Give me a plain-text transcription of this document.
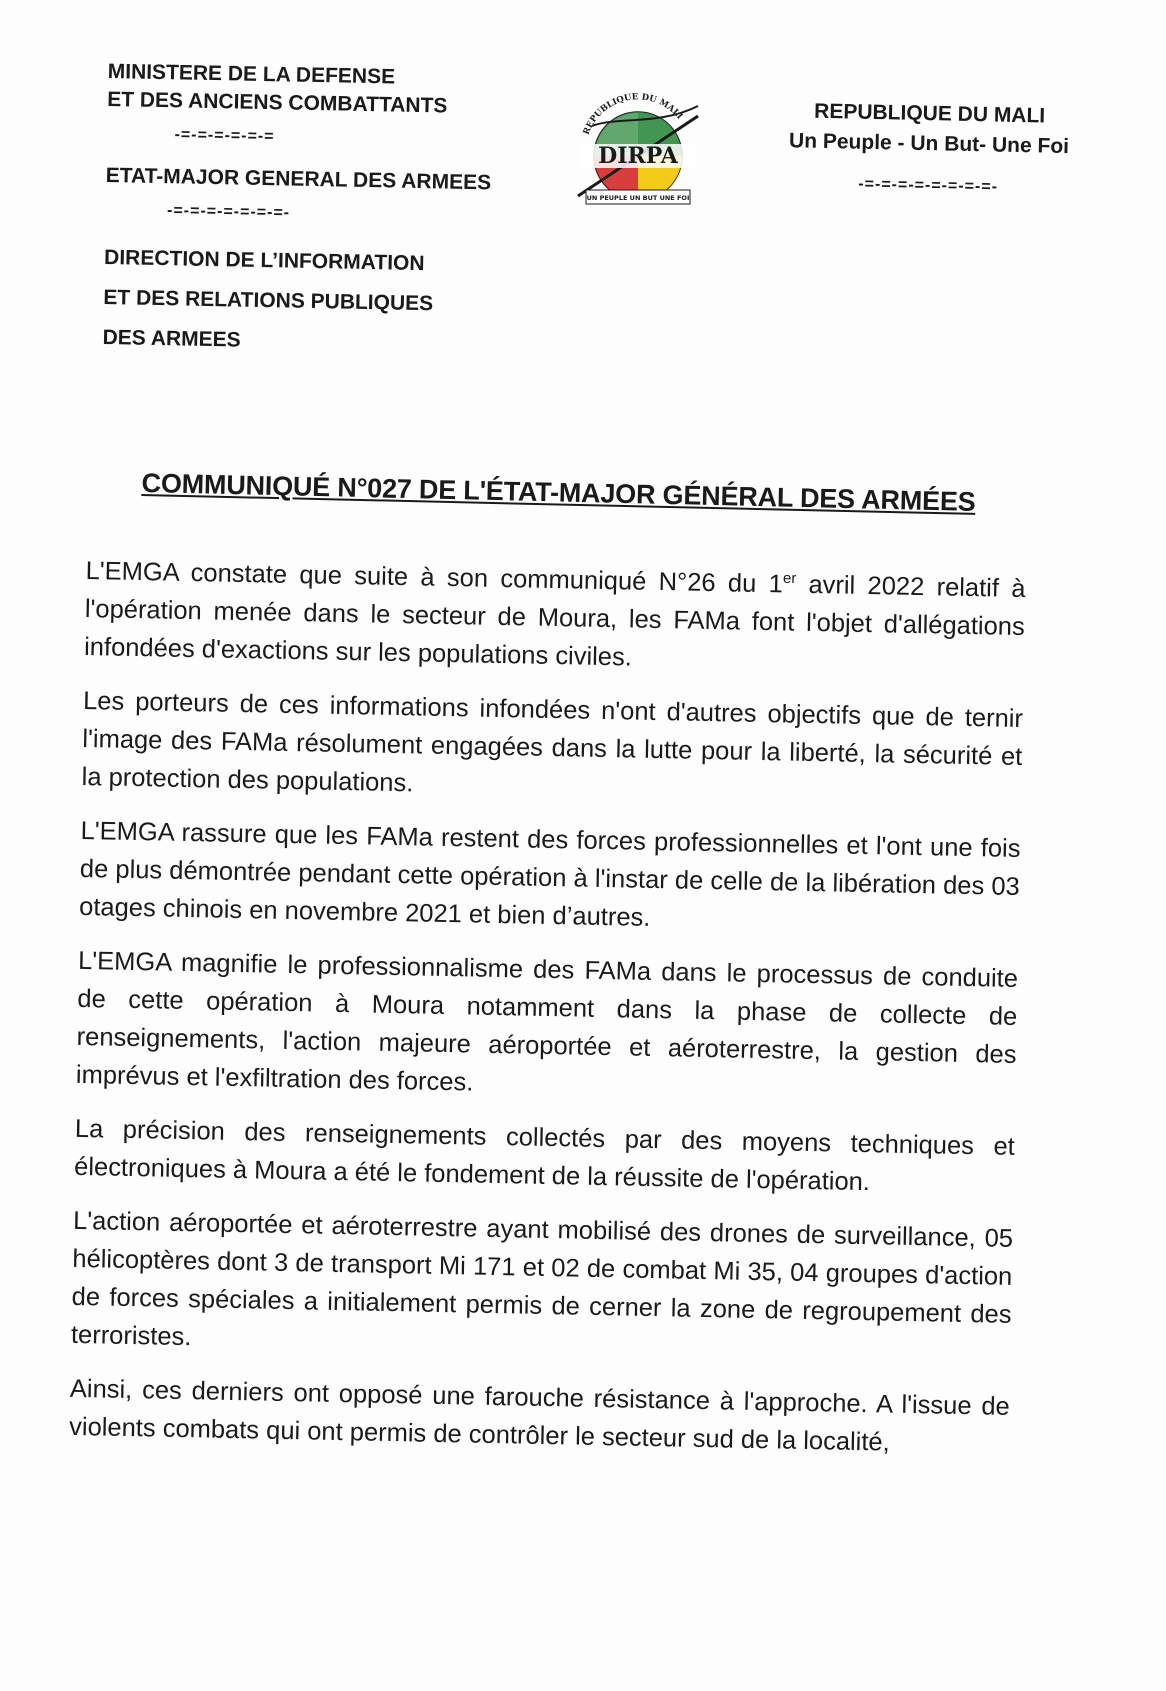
MINISTERE DE LA DEFENSE
ET DES ANCIENS COMBATTANTS
-=-=-=-=-=-=
ETAT-MAJOR GENERAL DES ARMEES
-=-=-=-=-=-=-=-
DIRECTION DE L’INFORMATION
ET DES RELATIONS PUBLIQUES
DES ARMEES
REPUBLIQUE DU MALI
DIRPA
UN PEUPLE UN BUT UNE FOI
REPUBLIQUE DU MALI
Un Peuple - Un But- Une Foi
-=-=-=-=-=-=-=-=-
COMMUNIQUÉ N°027 DE L'ÉTAT-MAJOR GÉNÉRAL DES ARMÉES

L'EMGA constate que suite à son communiqué N°26 du 1er avril 2022 relatif à l'opération menée dans le secteur de Moura, les FAMa font l'objet d'allégations infondées d'exactions sur les populations civiles.

Les porteurs de ces informations infondées n'ont d'autres objectifs que de ternir l'image des FAMa résolument engagées dans la lutte pour la liberté, la sécurité et la protection des populations.

L'EMGA rassure que les FAMa restent des forces professionnelles et l'ont une fois de plus démontrée pendant cette opération à l'instar de celle de la libération des 03 otages chinois en novembre 2021 et bien d’autres.

L'EMGA magnifie le professionnalisme des FAMa dans le processus de conduite de cette opération à Moura notamment dans la phase de collecte de renseignements, l'action majeure aéroportée et aéroterrestre, la gestion des imprévus et l'exfiltration des forces.

La précision des renseignements collectés par des moyens techniques et électroniques à Moura a été le fondement de la réussite de l'opération.

L'action aéroportée et aéroterrestre ayant mobilisé des drones de surveillance, 05 hélicoptères dont 3 de transport Mi 171 et 02 de combat Mi 35, 04 groupes d'action de forces spéciales a initialement permis de cerner la zone de regroupement des terroristes.

Ainsi, ces derniers ont opposé une farouche résistance à l'approche. A l'issue de violents combats qui ont permis de contrôler le secteur sud de la localité,
